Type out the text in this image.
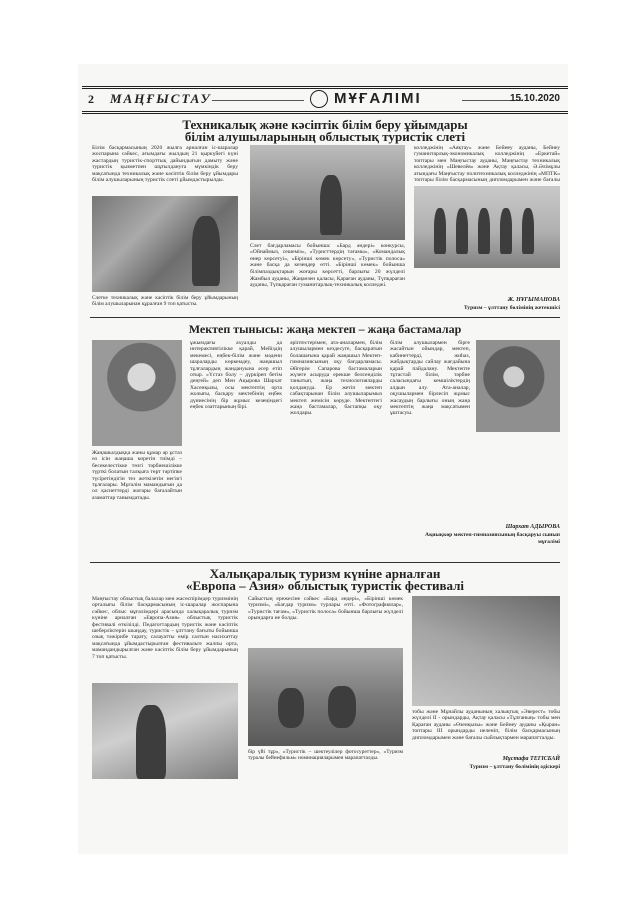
2 МАҢҒЫСТАУ	МҰҒАЛІМІ	15.10.2020
Техникалық және кәсіптік білім беру ұйымдары
білім алушыларының облыстық туристік слеті

Білім басқармасының 2020 жылға арналған іс-шаралар жоспарына сәйкес, ағымдағы жылдың 21 қыркүйегі күні жастардың туристік-спорттық дайындығын дамыту және туристік қызметпен шұғылдануға мүмкіндік беру мақсатында техникалық және кәсіптік білім беру ұйымдары білім алушыларының туристік слеті ұйымдастырылды.

Слетке техникалық және кәсіптік білім беру ұйымдарының білім алушыларынан құралған 9 топ қатысты.

Слет бағдарламасы бойынша: «Бард әндері» конкурсы, «Ойнаймыз, сешеміз», «Туристтердің тағамы», «Командалық өнер көрсетуі», «Бірінші көмек көрсету», «Туристік полоса» және басқа да кезеңдер өтті. «Бірінші көмек» бойынша білімпаздықтарын жоғары көрсетті, барлығы 20 жүлделі

Жамбыл ауданы, Жаңаөзен қаласы, Қараған ауданы, Түпқараған ауданы, Түпқараған гуманитарлық-техникалық колледжі.

колледжінің «Аяқтау» және Бейнеу ауданы, Бейнеу гуманитарлық-экономикалық колледжінің «Еркетай» топтары мен Маңғыстау ауданы, Маңғыстау техникалық колледжінің «Шевелёв» және Ақтау қаласы, Ә.Әлімұлы атындағы Маңғыстау политехникалық колледжінің «МПТК» топтары білім басқармасының дипломдарымен және бағалы

Ж. НҰГЫМАНОВА
Туризм – ұлттану бөлімінің жетекшісі
Мектеп тынысы: жаңа мектеп – жаңа бастамалар

Жаңашылдыққа жаны құмар әр ұстаз өз ісін жаңаша көретін тиімді – бесекелестікке төзгі тәрбиешілікке түрткі болатын талқыға төрт тәртіпке түсіретіндігін тез жеткізетін негізгі тұлғалары. Мұғалім мамандығын да ол қасиеттерді жоғары бағалайтын азаматтар танымдатады.

ұжымдағы ахуалды да интерактивтілікке қарай, Мейіздің мекемесі, еңбек-білім және мәдени шараларды көркемдеу, жаңашыл тұлғалардың жандануына әсер етіп отыр. «Үстаз болу – дүркіреп бетім деңгей» деп Мен Ақырова Шархат Хасенқызы, осы мектептің орта жолығы, басқару мектебінің еңбек дүниесінің бір жұмыс кезеңіндегі еңбек озаттарының бірі.

әріптестерімен, ата-аналармен, білім алушылармен кездесуге, басқаратын болашағына қарай жаңашыл Мектеп-гимназиясының оқу бағдарламасы. Әйгерім Сапарова бастамаларын жүзеге асыруда ерекше белсенділік танытып, жаңа технологияларды қолдануда. Ер жетіп мектеп сабақтарынан білім алушыларымыз мектеп жемісін көруде. Мектептегі жаңа бастамалар, бастапқы оқу жолдары.

білім алушылармен бірге жасайтын ойындар, мектеп, кабинеттерді, жиһаз, жабдықтарды сайлау жағдайына қарай пайдалану. Мектепте тұтастай білім, тәрбие саласындағы кемшіліктердің алдын алу. Ата-аналар, оқушылармен бірлесіп жұмыс жасаудың барлығы оның жаңа мектептің жаңа мақсатымен ұштасуы.

Шархат АДЫРОВА
Ақиықкөр мектеп-гимназиясының басқаруы сынып мұғалімі
Халықаралық туризм күніне арналған
«Европа – Азия» облыстық туристік фестивалі

Маңғыстау облыстық балалар мен жасөспірімдер туризмінің орталығы білім басқармасының іс-шаралар жоспарына сәйкес, облыс мұғалімдері арасында халықаралық туризм күніне арналған «Европа-Азия» облыстық туристік фестивалі өткізілді. Педагогтардың туристік және кәсіптік шеберліктерін шыңдау, туристік – ұлттану бағыты бойынша озық тәжірибе тарату, салауатты өмір салтын насихаттау мақсатында ұйымдастырылған фестивальге жалпы орта, мамандандырылған және кәсіптік білім беру ұйымдарының 7 топ қатысты.

Сайыстың ережесіне сәйкес «Бард әндері», «Бірінші көмек туризмі», «Бағдар туризм» турлары өтті. «Фотографиялар», «Туристік тағам», «Туристік полоса» бойынша барлығы жүлделі орындарға ие болды.

бір үйі тұр», «Туристік – шектеулілер фотосуреттер», «Туризм туралы бейнефильм» номинацияларымен марапатталды.

тобы және Мұнайлы ауданының халықтық «Эверест» тобы жүлделі ІІ - орындарды, Ақтау қаласы «Тұлғаның» тобы мен Қараған ауданы «Өзенқызы» және Бейнеу ауданы «Қыран» топтары ІІІ орындарды иеленіп, білім басқармасының дипломдарымен және бағалы сыйлықтармен марапатталды.

Мұстафа ТЕГІСБАЙ
Туризм – ұлттану бөлімінің әдіскері
